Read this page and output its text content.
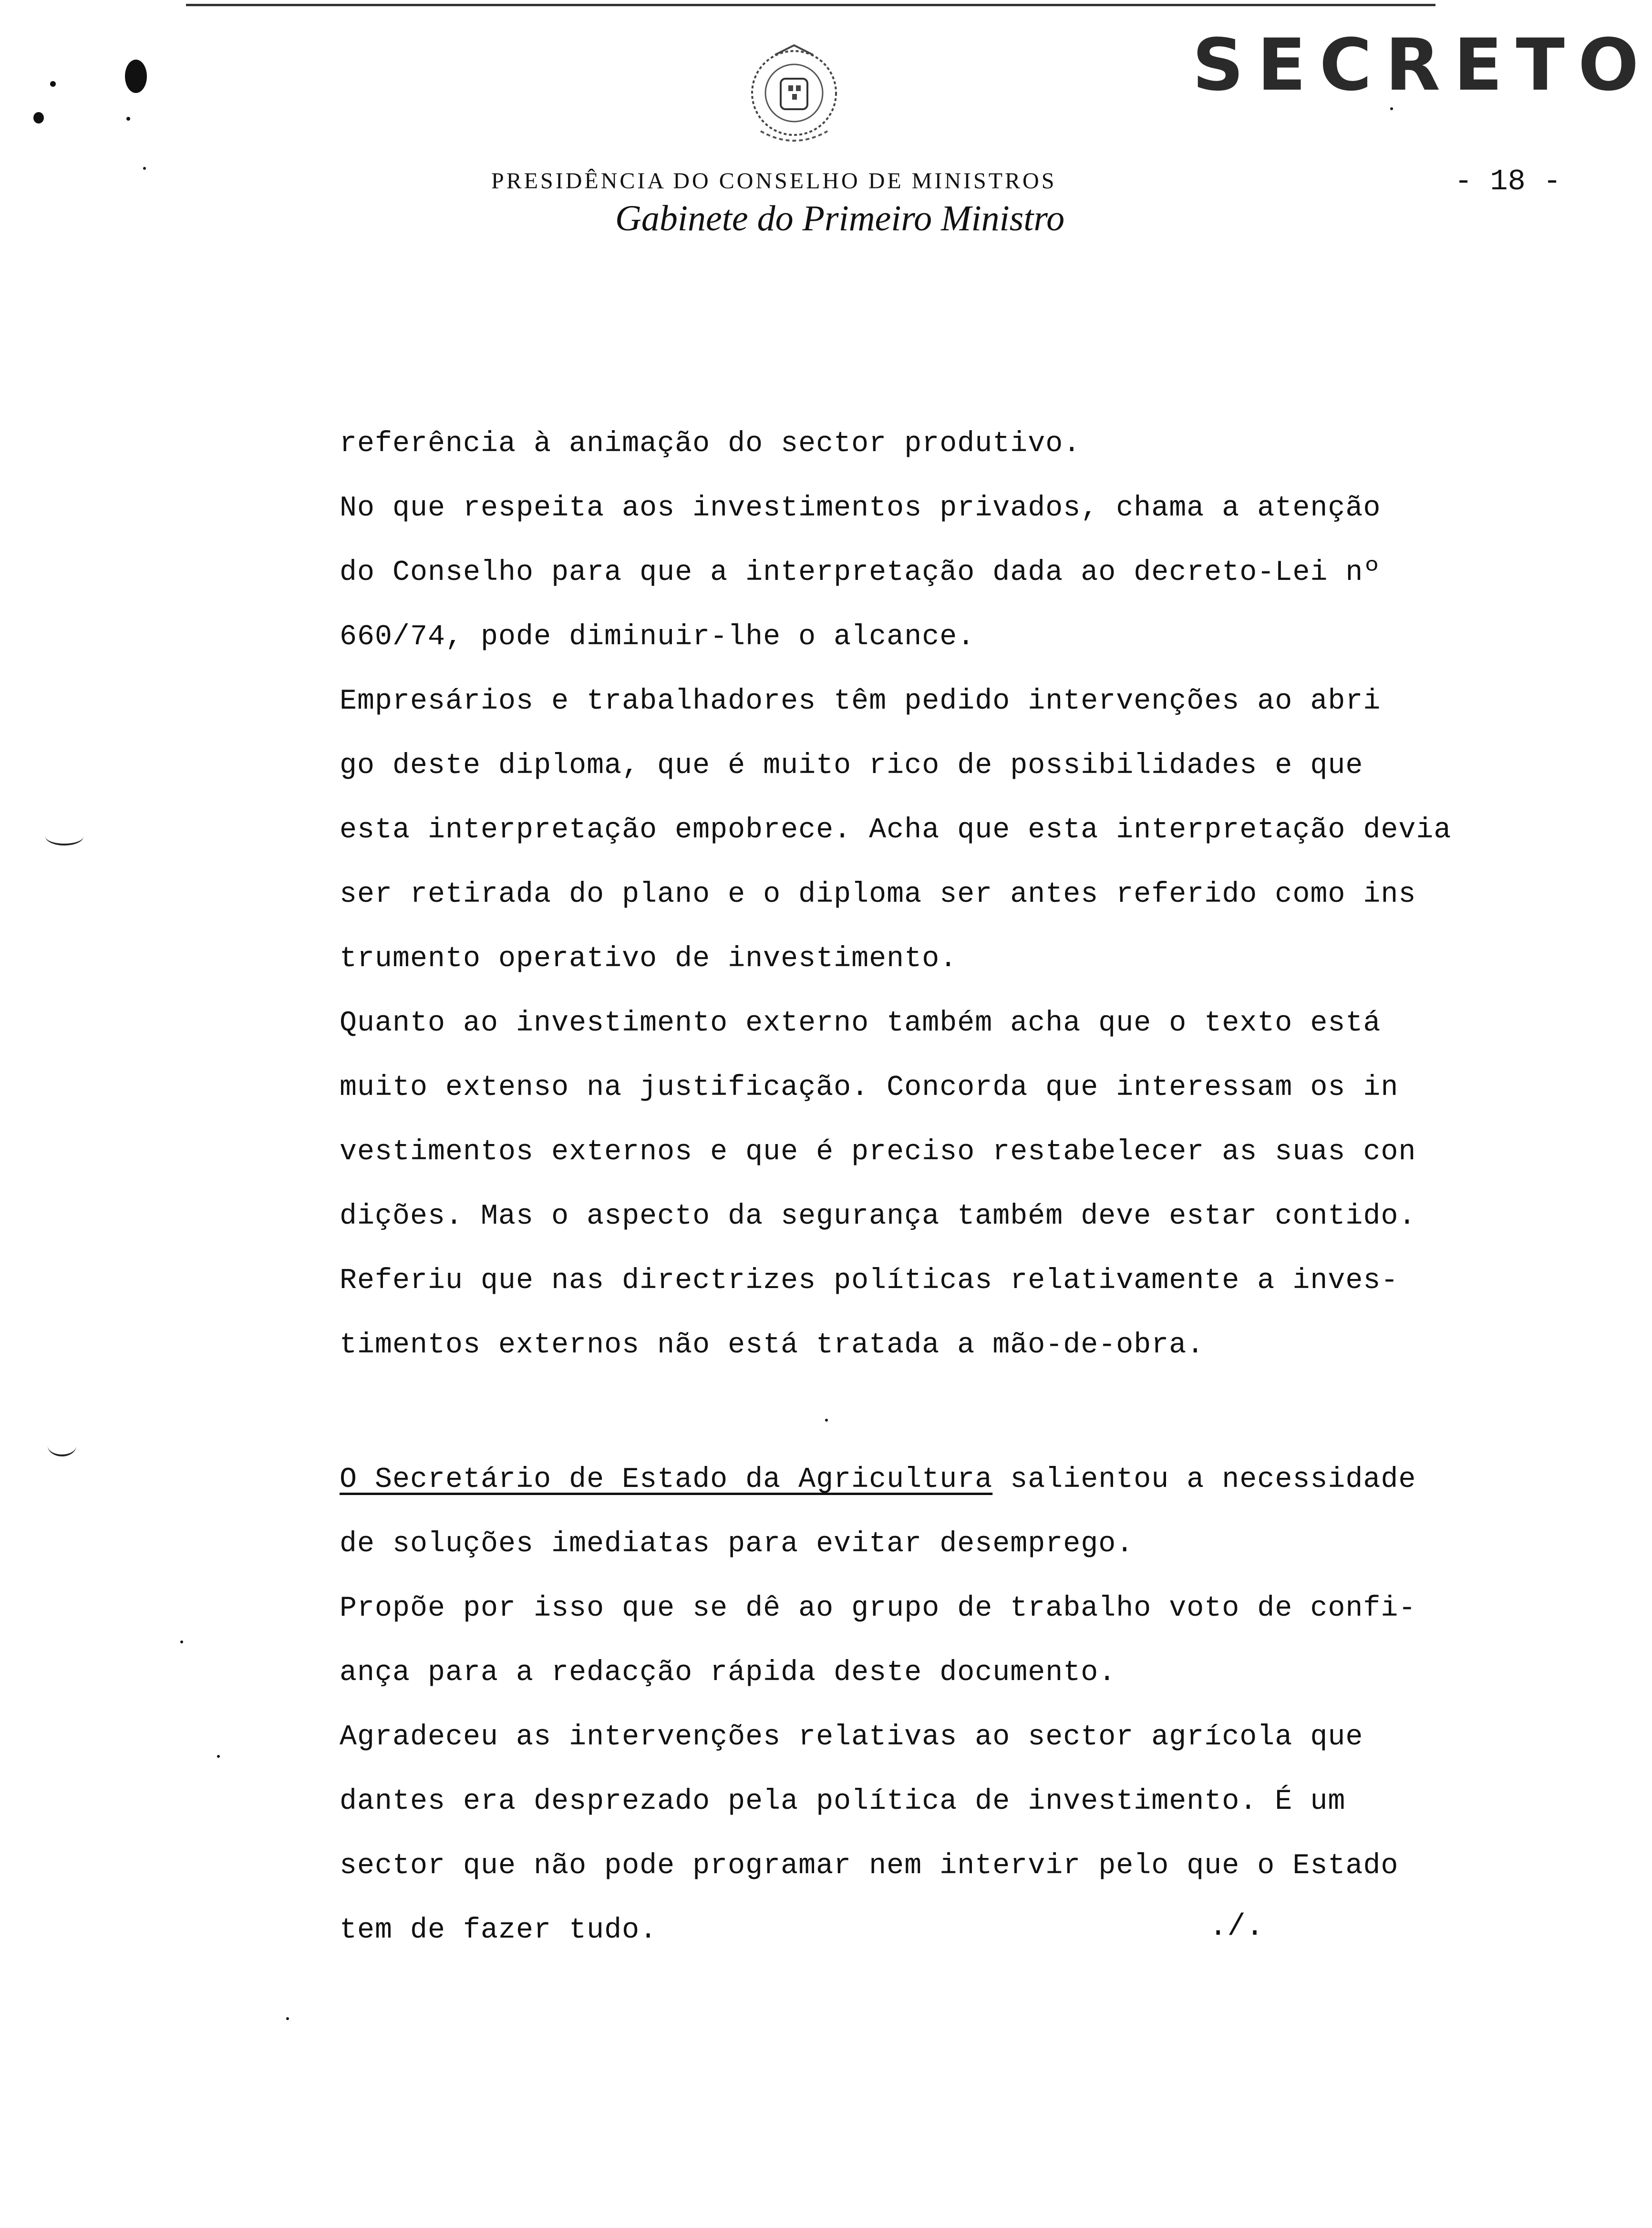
SECRETO
PRESIDÊNCIA DO CONSELHO DE MINISTROS
Gabinete do Primeiro Ministro
- 18 -
referência à animação do sector produtivo.
No que respeita aos investimentos privados, chama a atenção
do Conselho para que a interpretação dada ao decreto-Lei nº
660/74, pode diminuir-lhe o alcance.
Empresários e trabalhadores têm pedido intervenções ao abri
go deste diploma, que é muito rico de possibilidades e que
esta interpretação empobrece. Acha que esta interpretação devia
ser retirada do plano e o diploma ser antes referido como ins
trumento operativo de investimento.
Quanto ao investimento externo também acha que o texto está
muito extenso na justificação. Concorda que interessam os in
vestimentos externos e que é preciso restabelecer as suas con
dições. Mas o aspecto da segurança também deve estar contido.
Referiu que nas directrizes políticas relativamente a inves-
timentos externos não está tratada a mão-de-obra.
O Secretário de Estado da Agricultura salientou a necessidade
de soluções imediatas para evitar desemprego.
Propõe por isso que se dê ao grupo de trabalho voto de confi-
ança para a redacção rápida deste documento.
Agradeceu as intervenções relativas ao sector agrícola que
dantes era desprezado pela política de investimento. É um
sector que não pode programar nem intervir pelo que o Estado
tem de fazer tudo.	./.
